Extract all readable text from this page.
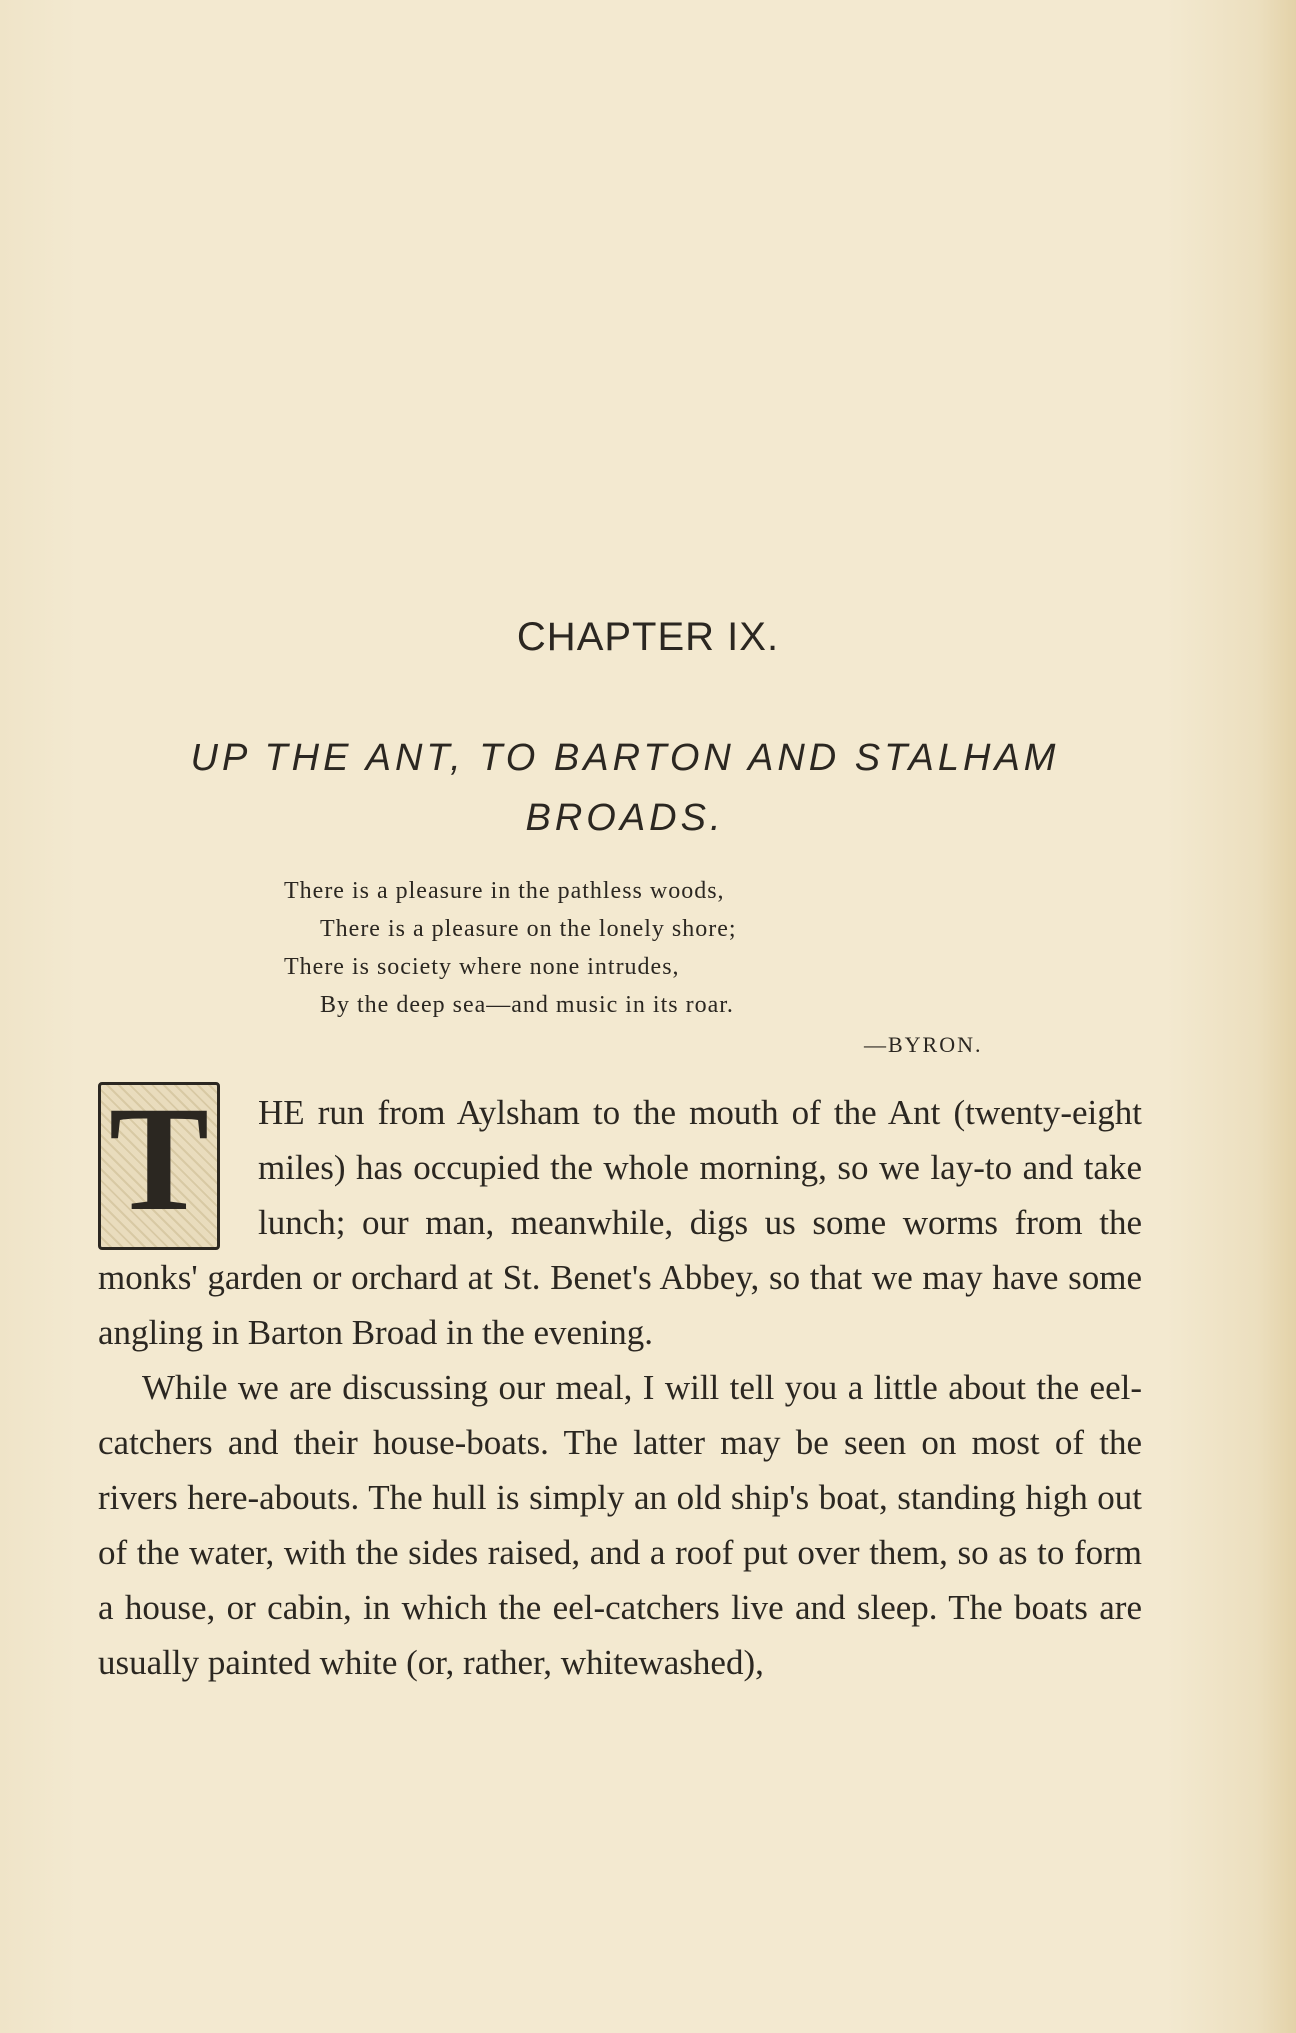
CHAPTER IX.
UP THE ANT, TO BARTON AND STALHAM BROADS.
There is a pleasure in the pathless woods,
There is a pleasure on the lonely shore;
There is society where none intrudes,
By the deep sea—and music in its roar.
—BYRON.
T	HE run from Aylsham to the mouth of the Ant (twenty-eight miles) has occupied the whole morning, so we lay-to and take lunch; our man, meanwhile, digs us some worms from the monks' garden or orchard at St. Benet's Abbey, so that we may have some angling in Barton Broad in the evening.

While we are discussing our meal, I will tell you a little about the eel-catchers and their house-boats. The latter may be seen on most of the rivers here-abouts. The hull is simply an old ship's boat, standing high out of the water, with the sides raised, and a roof put over them, so as to form a house, or cabin, in which the eel-catchers live and sleep. The boats are usually painted white (or, rather, whitewashed),
